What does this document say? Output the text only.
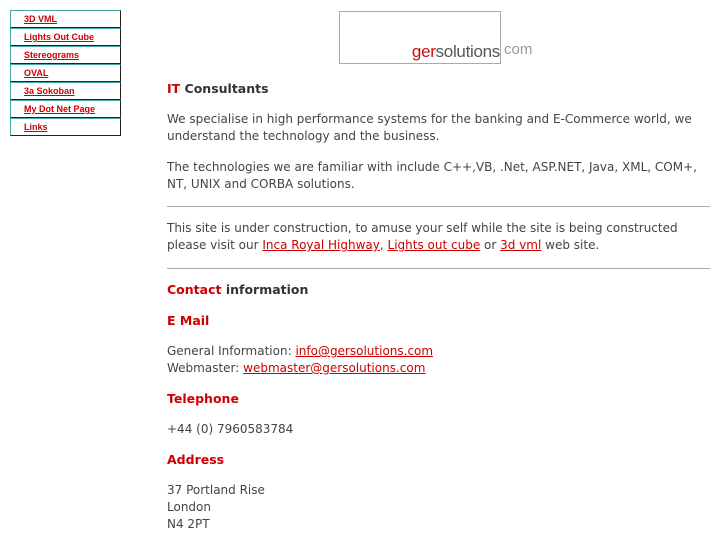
3D VML
Lights Out Cube
Stereograms
OVAL
3a Sokoban
My Dot Net Page
Links
gersolutions com
IT Consultants

We specialise in high performance systems for the banking and E-Commerce world, we understand the technology and the business.

The technologies we are familiar with include C++,VB, .Net, ASP.NET, Java, XML, COM+, NT, UNIX and CORBA solutions.

This site is under construction, to amuse your self while the site is being constructed please visit our Inca Royal Highway, Lights out cube or 3d vml web site.

Contact information
E Mail

General Information: info@gersolutions.com

Webmaster: webmaster@gersolutions.com

Telephone

+44 (0) 7960583784

Address

37 Portland Rise

London

N4 2PT
